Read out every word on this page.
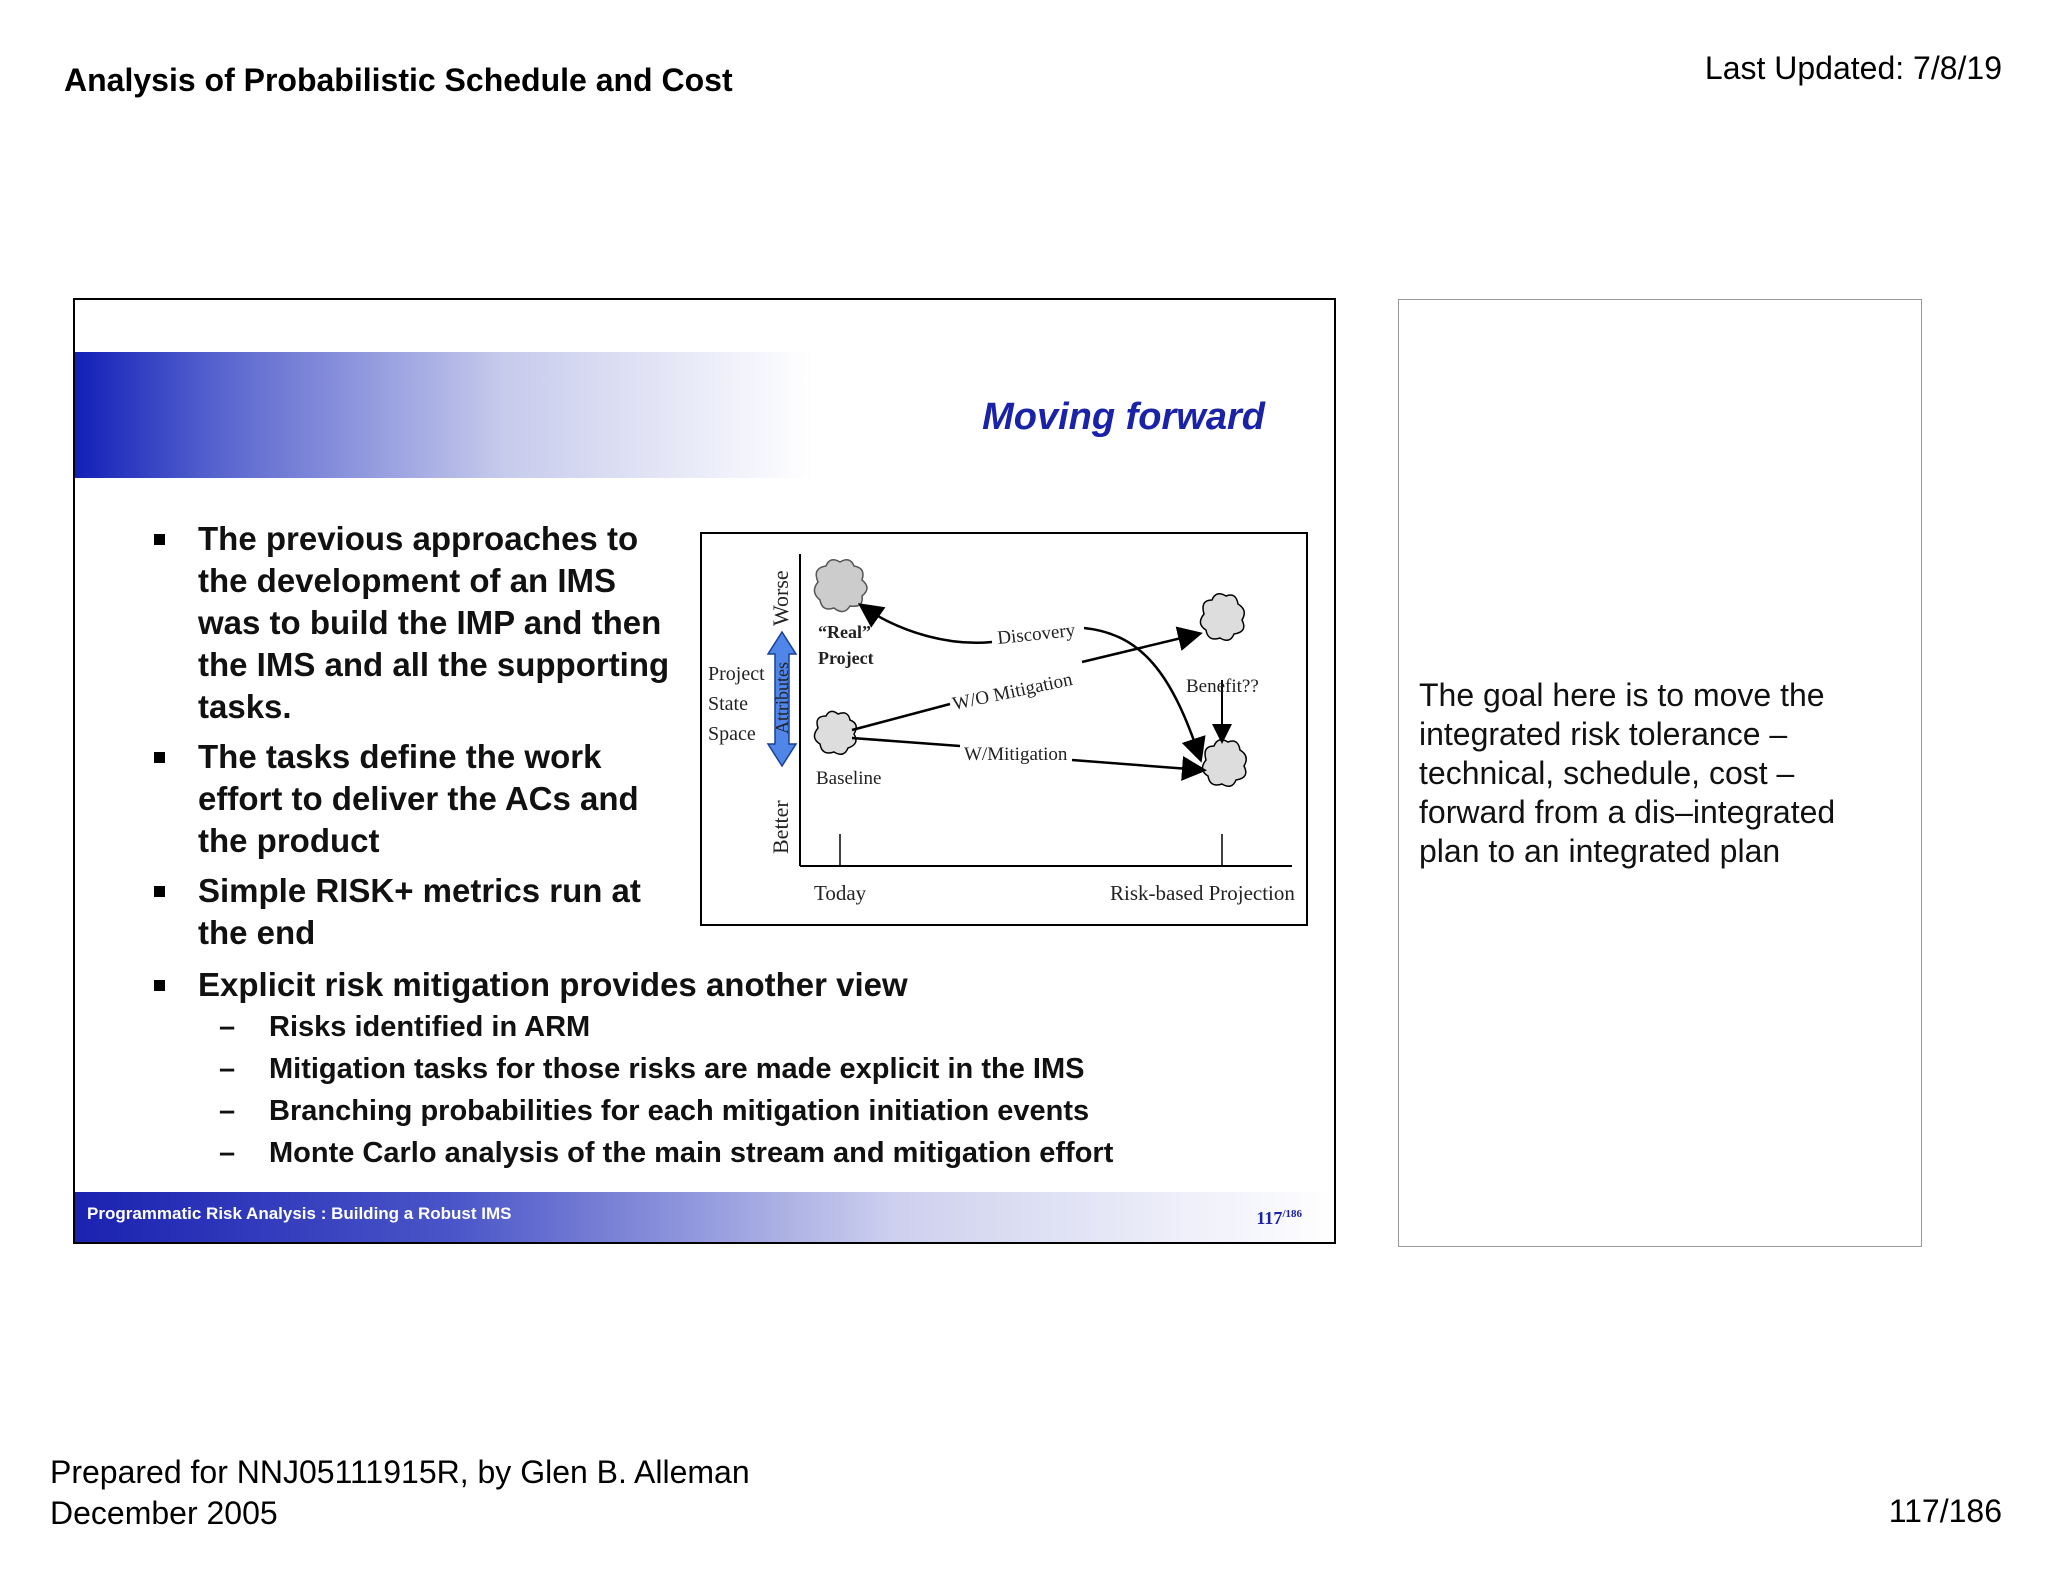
Analysis of Probabilistic Schedule and Cost	Last Updated: 7/8/19
Moving forward
The previous approaches to the development of an IMS was to build the IMP and then the IMS and all the supporting tasks.
The tasks define the work effort to deliver the ACs and the product
Simple RISK+ metrics run at the end
Explicit risk mitigation provides another view
– Risks identified in ARM
– Mitigation tasks for those risks are made explicit in the IMS
– Branching probabilities for each mitigation initiation events
– Monte Carlo analysis of the main stream and mitigation effort
Attributes
Worse
Better
Project
State
Space
“Real”
Project
Baseline
Discovery
W/O Mitigation
W/Mitigation
Benefit??
Today	Risk-based Projection
Programmatic Risk Analysis : Building a Robust IMS	$117^{/186}$
The goal here is to move the integrated risk tolerance – technical, schedule, cost – forward from a dis–integrated plan to an integrated plan
Prepared for NNJ05111915R, by Glen B. Alleman
December 2005	117/186
